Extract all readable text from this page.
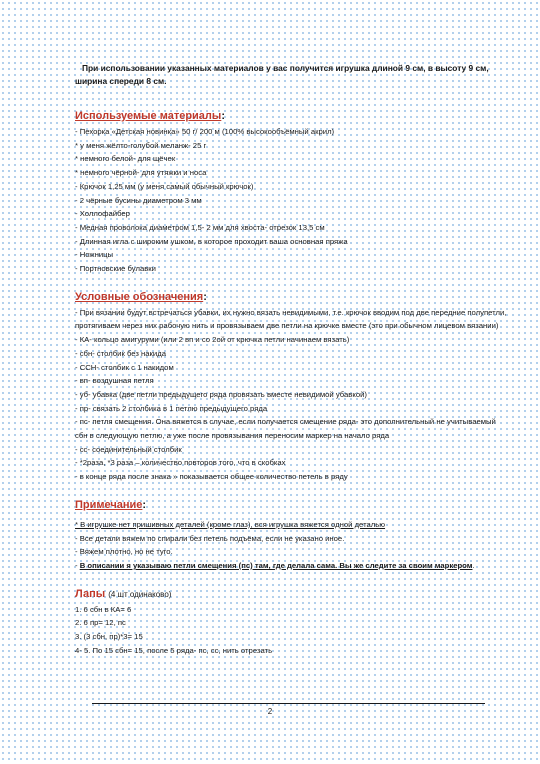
При использовании указанных материалов у вас получится игрушка длиной 9 см, в высоту 9 см, ширина спереди 8 см.

Используемые материалы:
- Пехорка «Детская новинка» 50 г/ 200 м (100% высокообъёмный акрил)
* у меня жёлто-голубой меланж- 25 г
* немного белой- для щёчек
* немного чёрной- для утяжки и носа
- Крючок 1,25 мм (у меня самый обычный крючок)
- 2 чёрные бусины диаметром 3 мм
- Холлофайбер
- Медная проволока диаметром 1,5- 2 мм для хвоста- отрезок 13,5 см
- Длинная игла с широким ушком, в которое проходит ваша основная пряжа
- Ножницы
- Портновские булавки
Условные обозначения:
- При вязании будут встречаться убавки, их нужно вязать невидимыми, т.е. крючок вводим под две передние полупетли, протягиваем через них рабочую нить и провязываем две петли на крючке вместе (это при обычном лицевом вязании)
- КА- кольцо амигуруми (или 2 вп и со 2ой от крючка петли начинаем вязать)
- сбн- столбик без накида
- ССН- столбик с 1 накидом
- вп- воздушная петля
- уб- убавка (две петли предыдущего ряда провязать вместе невидимой убавкой)
- пр- связать 2 столбика в 1 петлю предыдущего ряда
- пс- петля смещения. Она вяжется в случае, если получается смещение ряда- это дополнительный не учитываемый сбн в следующую петлю, а уже после провязывания переносим маркер на начало ряда
- сс- соединительный столбик
- *2раза, *3 раза – количество повторов того, что в скобках
- в конце ряда после знака » показывается общее количество петель в ряду
Примечание:
* В игрушке нет пришивных деталей (кроме глаз), вся игрушка вяжется одной деталью
- Все детали вяжем по спирали без петель подъёма, если не указано иное.
- Вяжем плотно, но не туго.
- В описании я указываю петли смещения (пс) там, где делала сама. Вы же следите за своим маркером.
Лапы (4 шт одинаково)
1. 6 сбн в КА= 6
2. 6 пр= 12, пс
3. (3 сбн, пр)*3= 15
4- 5. По 15 сбн= 15, после 5 ряда- пс, сс, нить отрезать
2
